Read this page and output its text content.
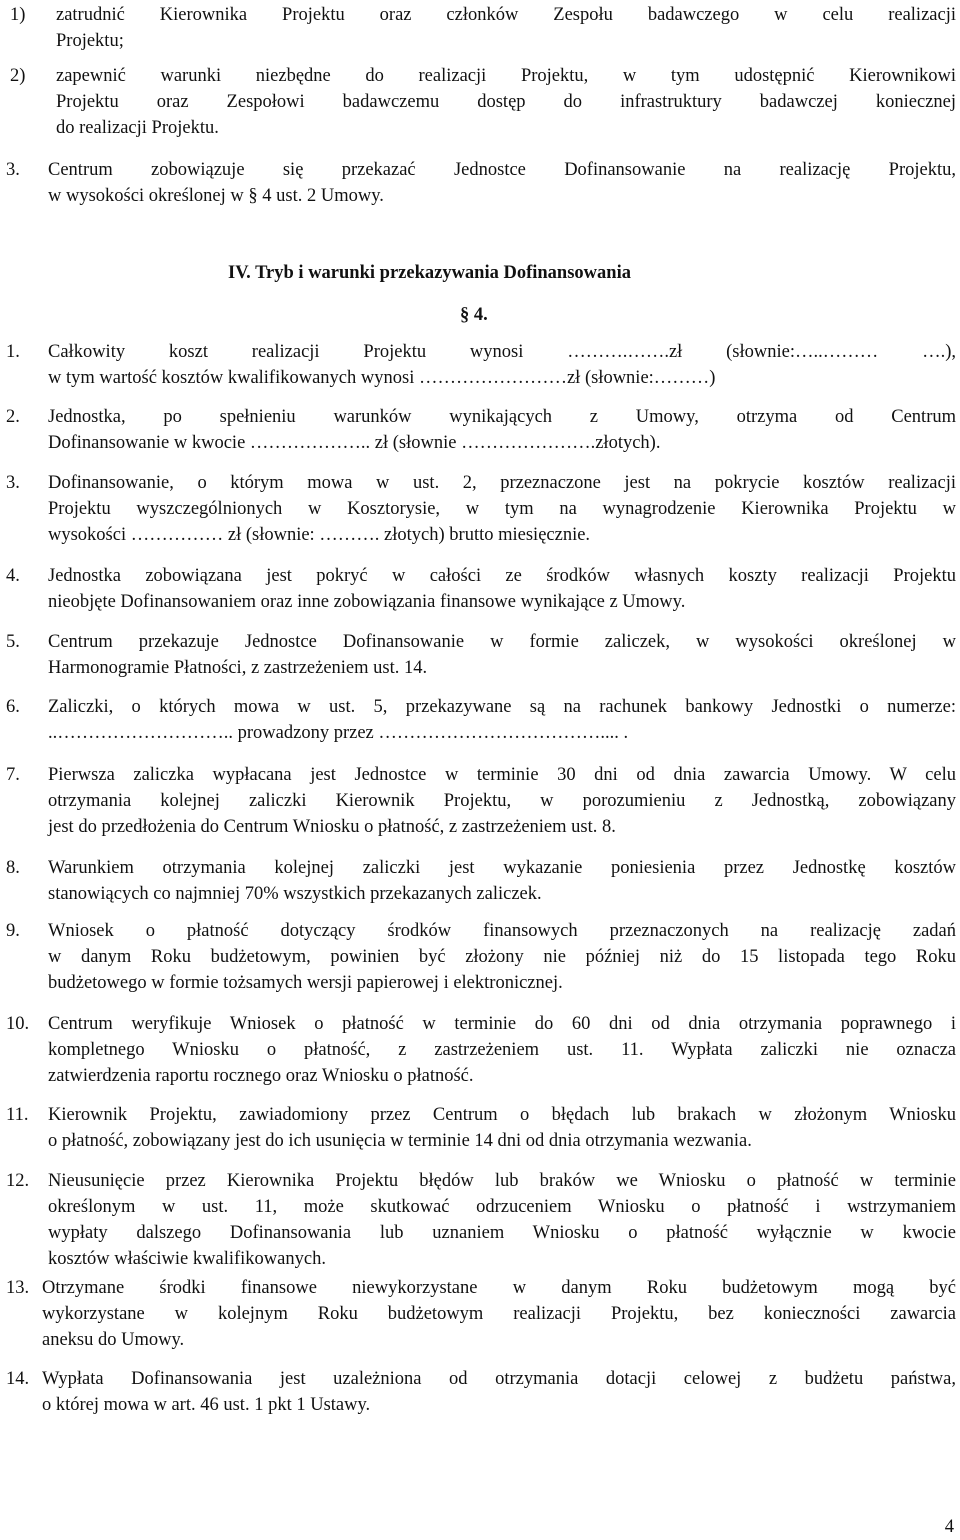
1)	zatrudnić Kierownika Projektu oraz członków Zespołu badawczego w celu realizacji
Projektu;
2)	zapewnić warunki niezbędne do realizacji Projektu, w tym udostępnić Kierownikowi
Projektu oraz Zespołowi badawczemu dostęp do infrastruktury badawczej koniecznej
do realizacji Projektu.
3.	Centrum zobowiązuje się przekazać Jednostce Dofinansowanie na realizację Projektu,
w wysokości określonej w § 4 ust. 2 Umowy.
IV. Tryb i warunki przekazywania Dofinansowania
§ 4.
1.	Całkowity koszt realizacji Projektu wynosi ……….…….zł (słownie:…..……… ….),
w tym wartość kosztów kwalifikowanych wynosi ……………………zł (słownie:………)
2.	Jednostka, po spełnieniu warunków wynikających z Umowy, otrzyma od Centrum
Dofinansowanie w kwocie ……………….. zł (słownie ………………….złotych).
3.	Dofinansowanie, o którym mowa w ust. 2, przeznaczone jest na pokrycie kosztów realizacji
Projektu wyszczególnionych w Kosztorysie, w tym na wynagrodzenie Kierownika Projektu w
wysokości …………… zł (słownie: ………. złotych) brutto miesięcznie.
4.	Jednostka zobowiązana jest pokryć w całości ze środków własnych koszty realizacji Projektu
nieobjęte Dofinansowaniem oraz inne zobowiązania finansowe wynikające z Umowy.
5.	Centrum przekazuje Jednostce Dofinansowanie w formie zaliczek, w wysokości określonej w
Harmonogramie Płatności, z zastrzeżeniem ust. 14.
6.	Zaliczki, o których mowa w ust. 5, przekazywane są na rachunek bankowy Jednostki o numerze:
..……………………….. prowadzony przez ……………………………….... .
7.	Pierwsza zaliczka wypłacana jest Jednostce w terminie 30 dni od dnia zawarcia Umowy. W celu
otrzymania kolejnej zaliczki Kierownik Projektu, w porozumieniu z Jednostką, zobowiązany
jest do przedłożenia do Centrum Wniosku o płatność, z zastrzeżeniem ust. 8.
8.	Warunkiem otrzymania kolejnej zaliczki jest wykazanie poniesienia przez Jednostkę kosztów
stanowiących co najmniej 70% wszystkich przekazanych zaliczek.
9.	Wniosek o płatność dotyczący środków finansowych przeznaczonych na realizację zadań
w danym Roku budżetowym, powinien być złożony nie później niż do 15 listopada tego Roku
budżetowego w formie tożsamych wersji papierowej i elektronicznej.
10.	Centrum weryfikuje Wniosek o płatność w terminie do 60 dni od dnia otrzymania poprawnego i
kompletnego Wniosku o płatność, z zastrzeżeniem ust. 11. Wypłata zaliczki nie oznacza
zatwierdzenia raportu rocznego oraz Wniosku o płatność.
11.	Kierownik Projektu, zawiadomiony przez Centrum o błędach lub brakach w złożonym Wniosku
o płatność, zobowiązany jest do ich usunięcia w terminie 14 dni od dnia otrzymania wezwania.
12.	Nieusunięcie przez Kierownika Projektu błędów lub braków we Wniosku o płatność w terminie
określonym w ust. 11, może skutkować odrzuceniem Wniosku o płatność i wstrzymaniem
wypłaty dalszego Dofinansowania lub uznaniem Wniosku o płatność wyłącznie w kwocie
kosztów właściwie kwalifikowanych.
13. Otrzymane środki finansowe niewykorzystane w danym Roku budżetowym mogą być
wykorzystane w kolejnym Roku budżetowym realizacji Projektu, bez konieczności zawarcia
aneksu do Umowy.
14. Wypłata Dofinansowania jest uzależniona od otrzymania dotacji celowej z budżetu państwa,
o której mowa w art. 46 ust. 1 pkt 1 Ustawy.
4
